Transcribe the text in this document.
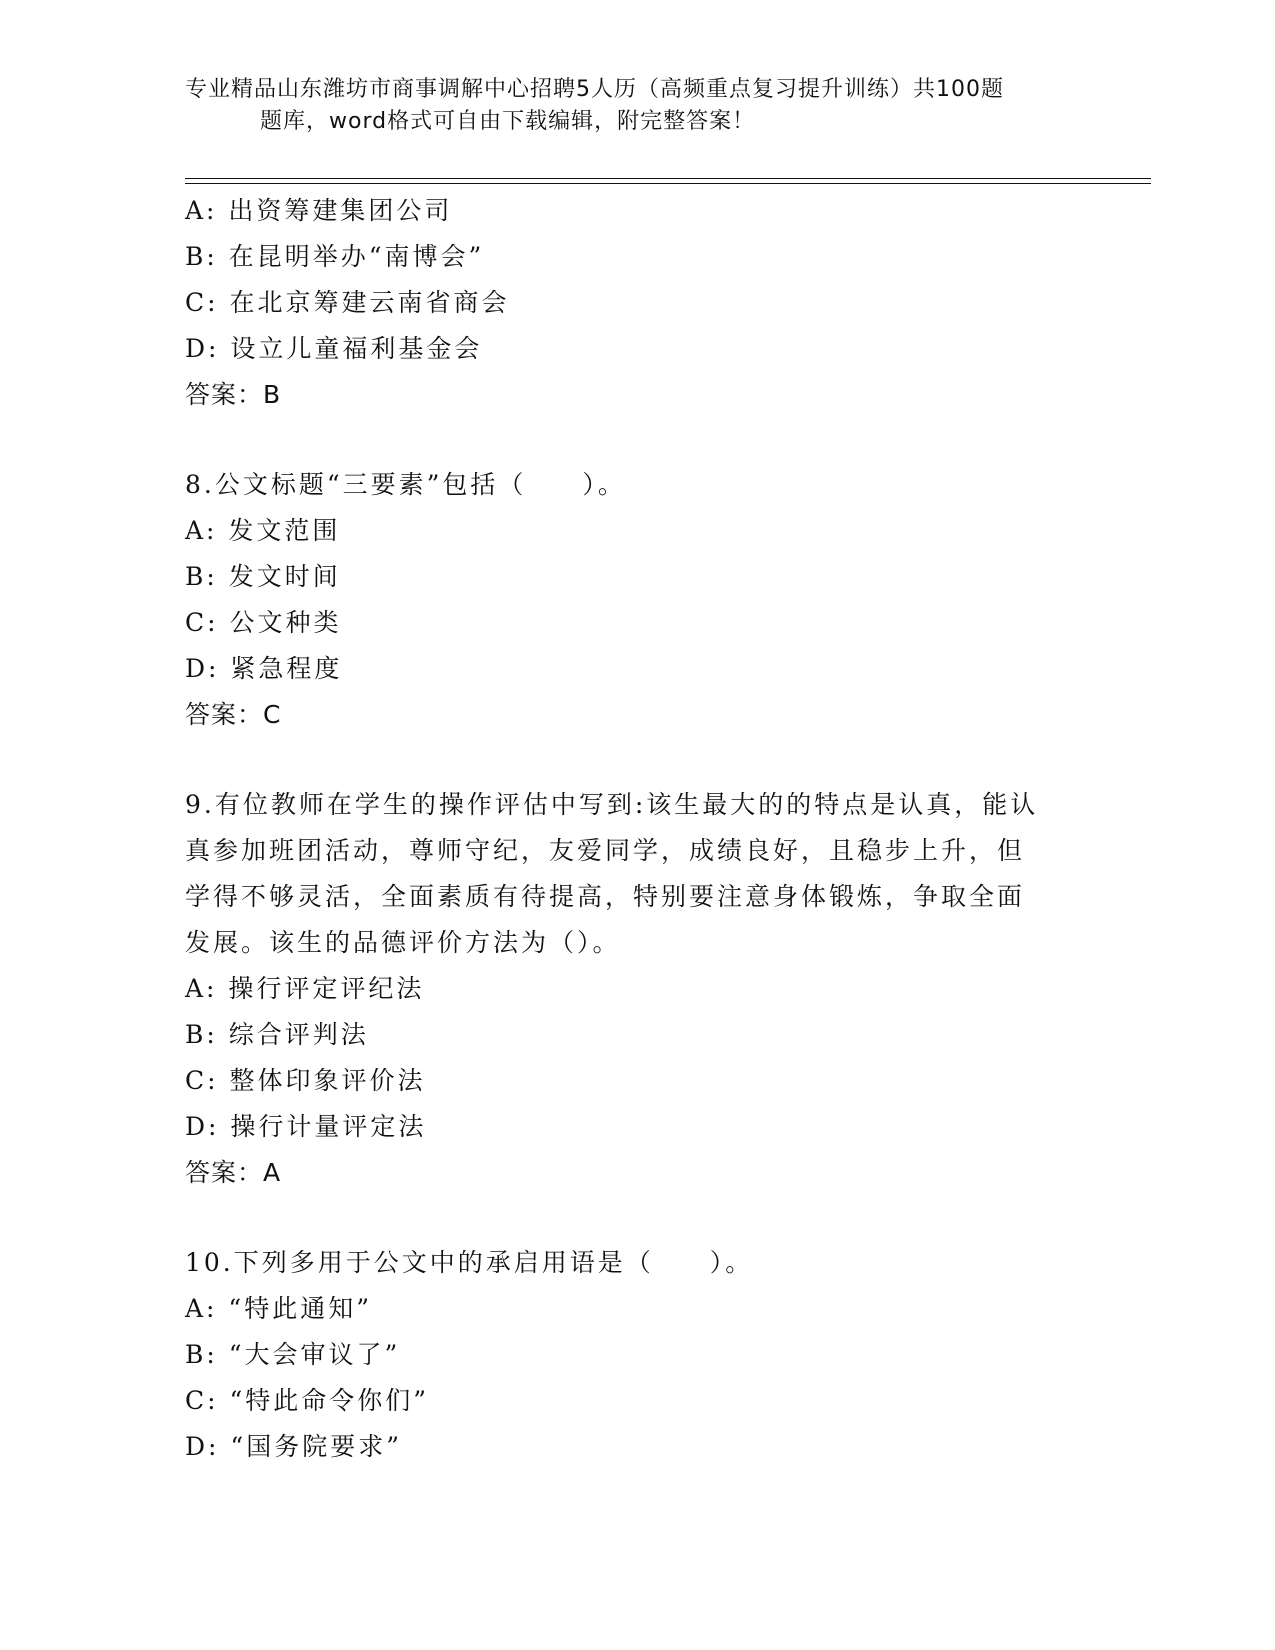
专业精品山东潍坊市商事调解中心招聘5人历（高频重点复习提升训练）共100题
题库，word格式可自由下载编辑，附完整答案！
A: 出资筹建集团公司
B: 在昆明举办“南博会”
C: 在北京筹建云南省商会
D: 设立儿童福利基金会
答案：B
8.公文标题“三要素”包括（　　）。
A: 发文范围
B: 发文时间
C: 公文种类
D: 紧急程度
答案：C
9.有位教师在学生的操作评估中写到:该生最大的的特点是认真，能认
真参加班团活动，尊师守纪，友爱同学，成绩良好，且稳步上升，但
学得不够灵活，全面素质有待提高，特别要注意身体锻炼，争取全面
发展。该生的品德评价方法为（）。
A: 操行评定评纪法
B: 综合评判法
C: 整体印象评价法
D: 操行计量评定法
答案：A
10.下列多用于公文中的承启用语是（　　）。
A: “特此通知”
B: “大会审议了”
C: “特此命令你们”
D: “国务院要求”
